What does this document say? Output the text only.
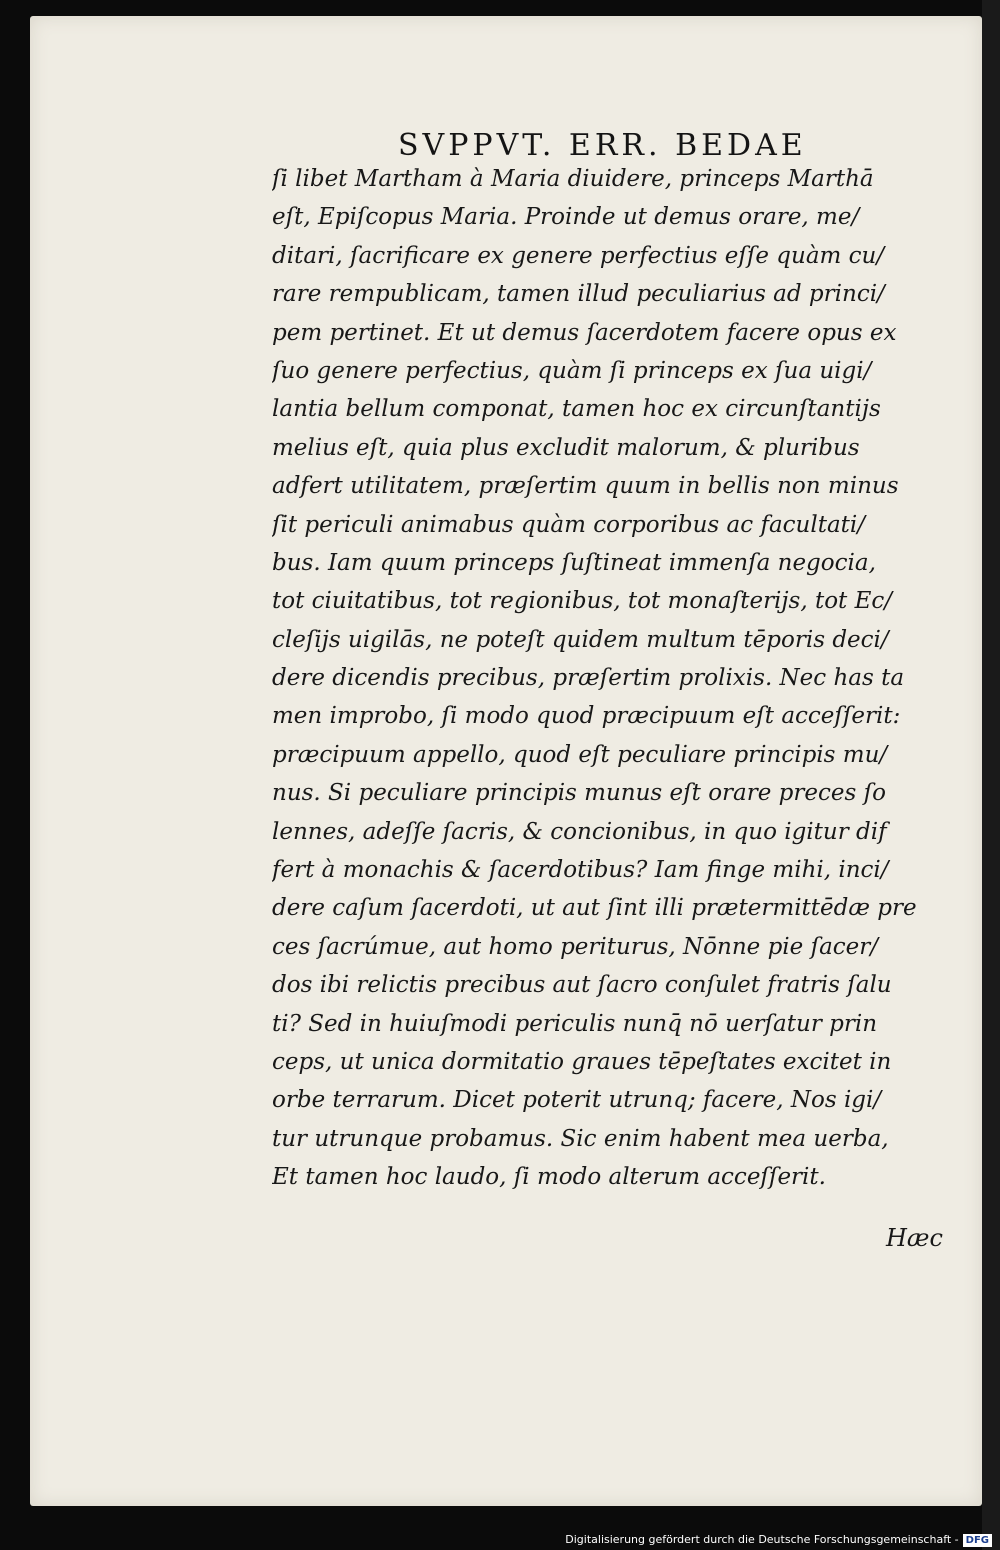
SVPPVT. ERR. BEDAE
ſi libet Martham à Maria diuidere, princeps Marthā
eſt, Epiſcopus Maria. Proinde ut demus orare, me/
ditari, ſacrificare ex genere perfectius eſſe quàm cu/
rare rempublicam, tamen illud peculiarius ad princi/
pem pertinet. Et ut demus ſacerdotem facere opus ex
ſuo genere perfectius, quàm ſi princeps ex ſua uigi/
lantia bellum componat, tamen hoc ex circunſtantijs
melius eſt, quia plus excludit malorum, & pluribus
adfert utilitatem, præſertim quum in bellis non minus
ſit periculi animabus quàm corporibus ac facultati/
bus. Iam quum princeps ſuſtineat immenſa negocia,
tot ciuitatibus, tot regionibus, tot monaſterijs, tot Ec/
cleſijs uigilās, ne poteſt quidem multum tēporis deci/
dere dicendis precibus, præſertim prolixis. Nec has ta
men improbo, ſi modo quod præcipuum eſt acceſſerit:
præcipuum appello, quod eſt peculiare principis mu/
nus. Si peculiare principis munus eſt orare preces ſo
lennes, adeſſe ſacris, & concionibus, in quo igitur dif
fert à monachis & ſacerdotibus? Iam finge mihi, inci/
dere caſum ſacerdoti, ut aut ſint illi prætermittēdæ pre
ces ſacrúmue, aut homo periturus, Nōnne pie ſacer/
dos ibi relictis precibus aut ſacro conſulet fratris ſalu
ti? Sed in huiuſmodi periculis nunq̄ nō uerſatur prin
ceps, ut unica dormitatio graues tēpeſtates excitet in
orbe terrarum. Dicet poterit utrunq; facere, Nos igi/
tur utrunque probamus. Sic enim habent mea uerba,
Et tamen hoc laudo, ſi modo alterum acceſſerit.
Hæc
Digitalisierung gefördert durch die Deutsche Forschungsgemeinschaft - DFG
